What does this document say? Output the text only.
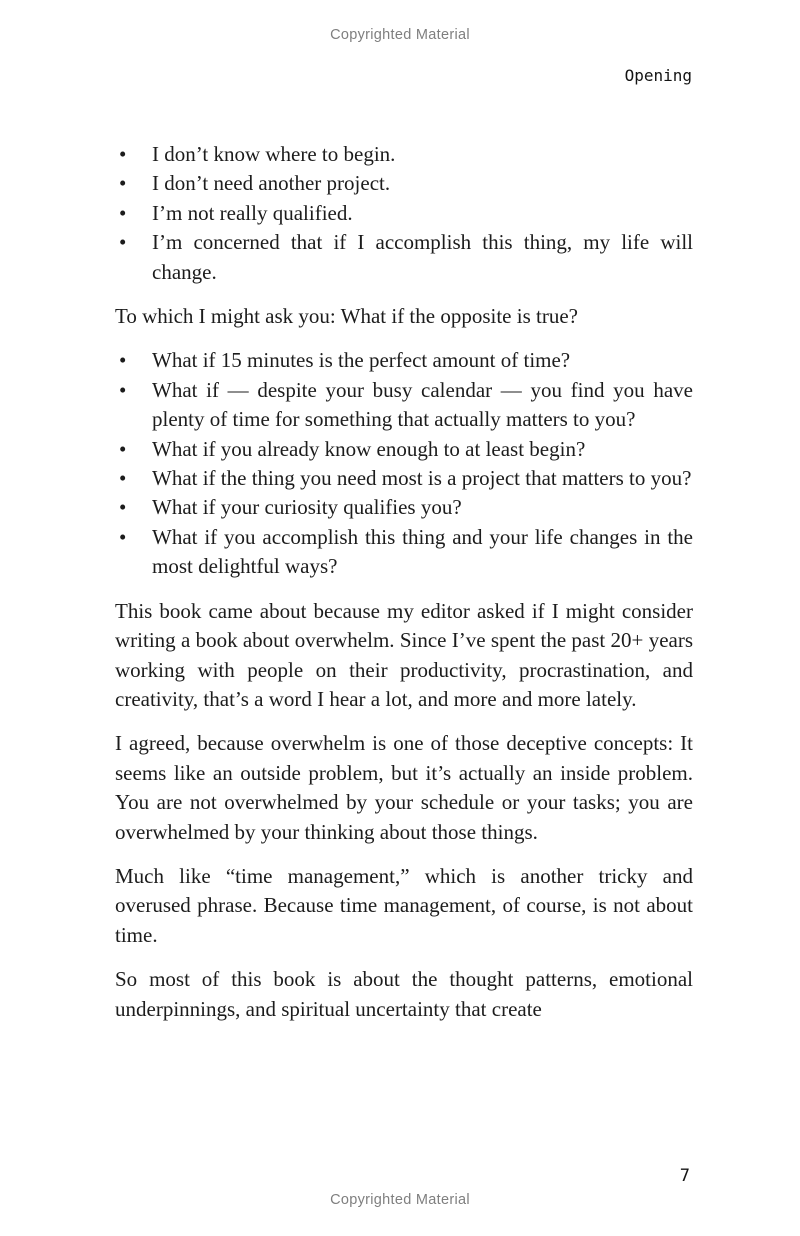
Copyrighted Material
Opening
• I don’t know where to begin.
• I don’t need another project.
• I’m not really qualified.
• I’m concerned that if I accomplish this thing, my life will change.

To which I might ask you: What if the opposite is true?

• What if 15 minutes is the perfect amount of time?
• What if — despite your busy calendar — you find you have plenty of time for something that actually matters to you?
• What if you already know enough to at least begin?
• What if the thing you need most is a project that matters to you?
• What if your curiosity qualifies you?
• What if you accomplish this thing and your life changes in the most delightful ways?

This book came about because my editor asked if I might consider writing a book about overwhelm. Since I’ve spent the past 20+ years working with people on their productivity, procrastination, and creativity, that’s a word I hear a lot, and more and more lately.

I agreed, because overwhelm is one of those deceptive concepts: It seems like an outside problem, but it’s actually an inside problem. You are not overwhelmed by your schedule or your tasks; you are overwhelmed by your thinking about those things.

Much like “time management,” which is another tricky and overused phrase. Because time management, of course, is not about time.

So most of this book is about the thought patterns, emotional underpinnings, and spiritual uncertainty that create

7
Copyrighted Material
